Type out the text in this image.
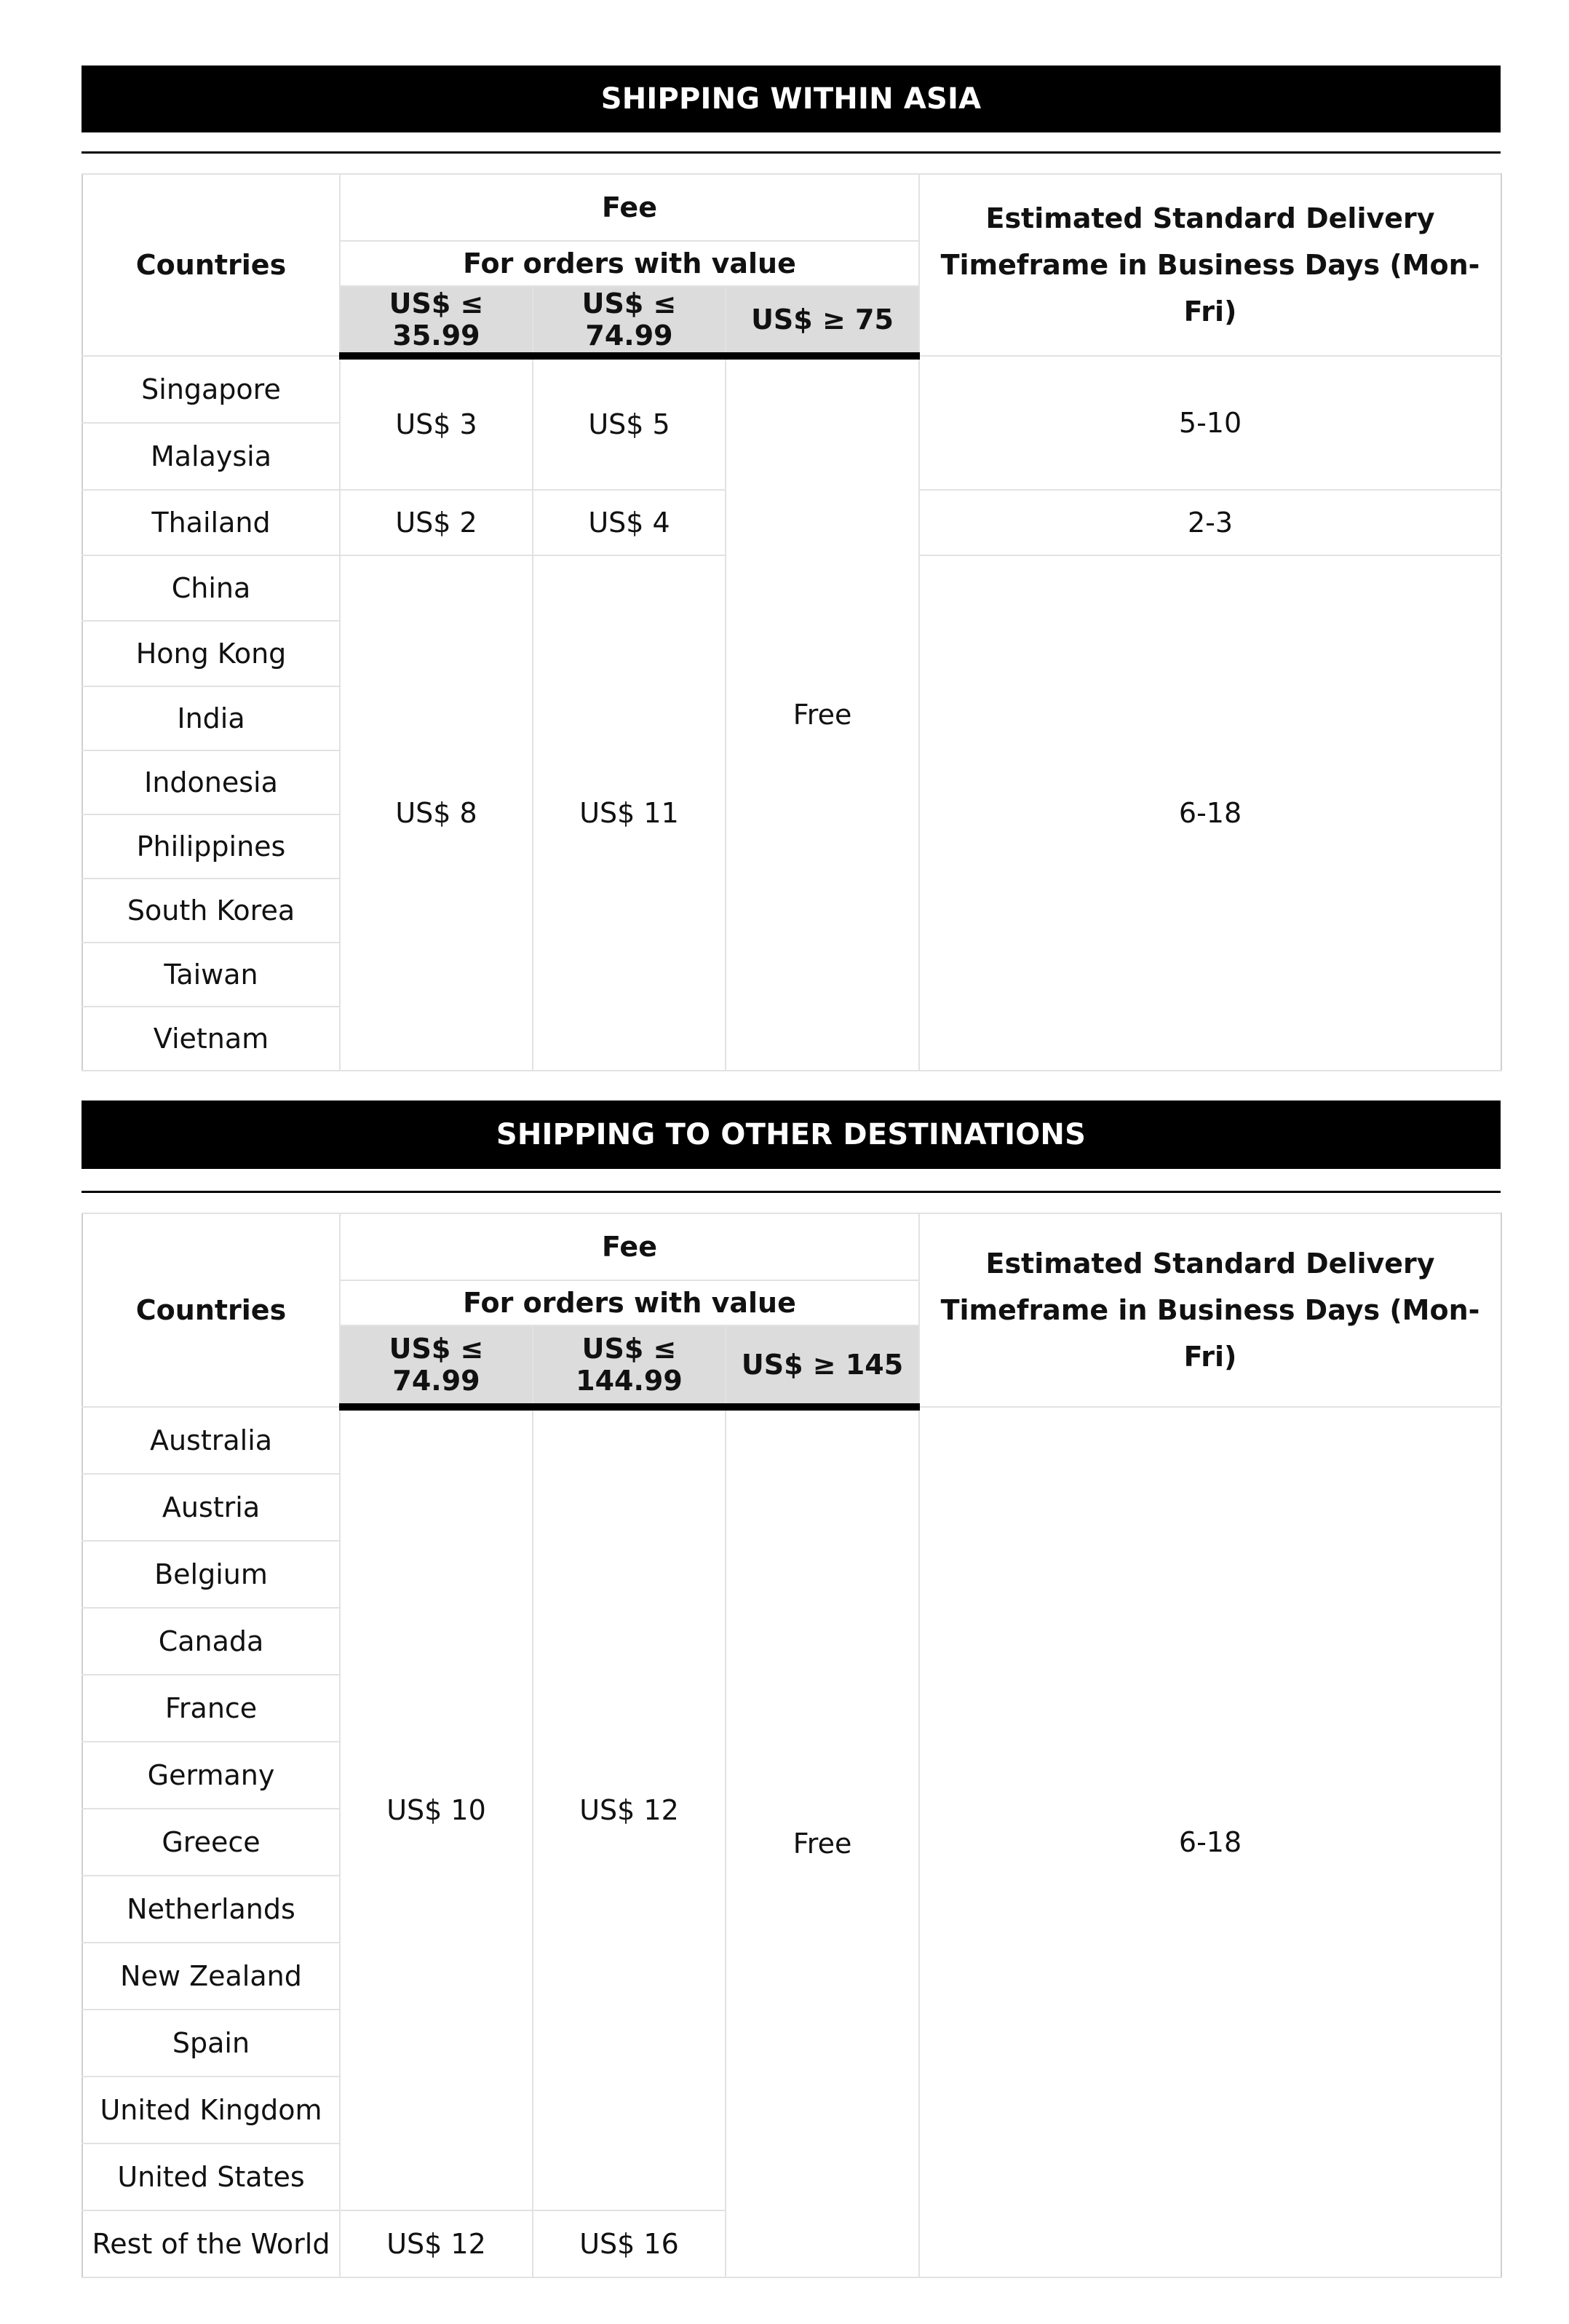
SHIPPING WITHIN ASIA
Countries	Fee			Estimated Standard Delivery Timeframe in Business Days (Mon-Fri)
	For orders with value			
	US$ ≤ 35.99	US$ ≤ 74.99	US$ ≥ 75	
Singapore	US$ 3	US$ 5	Free	5-10
Malaysia				
Thailand	US$ 2	US$ 4		2-3
China	US$ 8	US$ 11		6-18
Hong Kong				
India				
Indonesia				
Philippines				
South Korea				
Taiwan				
Vietnam				
SHIPPING TO OTHER DESTINATIONS
Countries	Fee			Estimated Standard Delivery Timeframe in Business Days (Mon-Fri)
	For orders with value			
	US$ ≤ 74.99	US$ ≤ 144.99	US$ ≥ 145	
Australia	US$ 10	US$ 12	Free	6-18
Austria				
Belgium				
Canada				
France				
Germany				
Greece				
Netherlands				
New Zealand				
Spain				
United Kingdom				
United States				
Rest of the World	US$ 12	US$ 16		
